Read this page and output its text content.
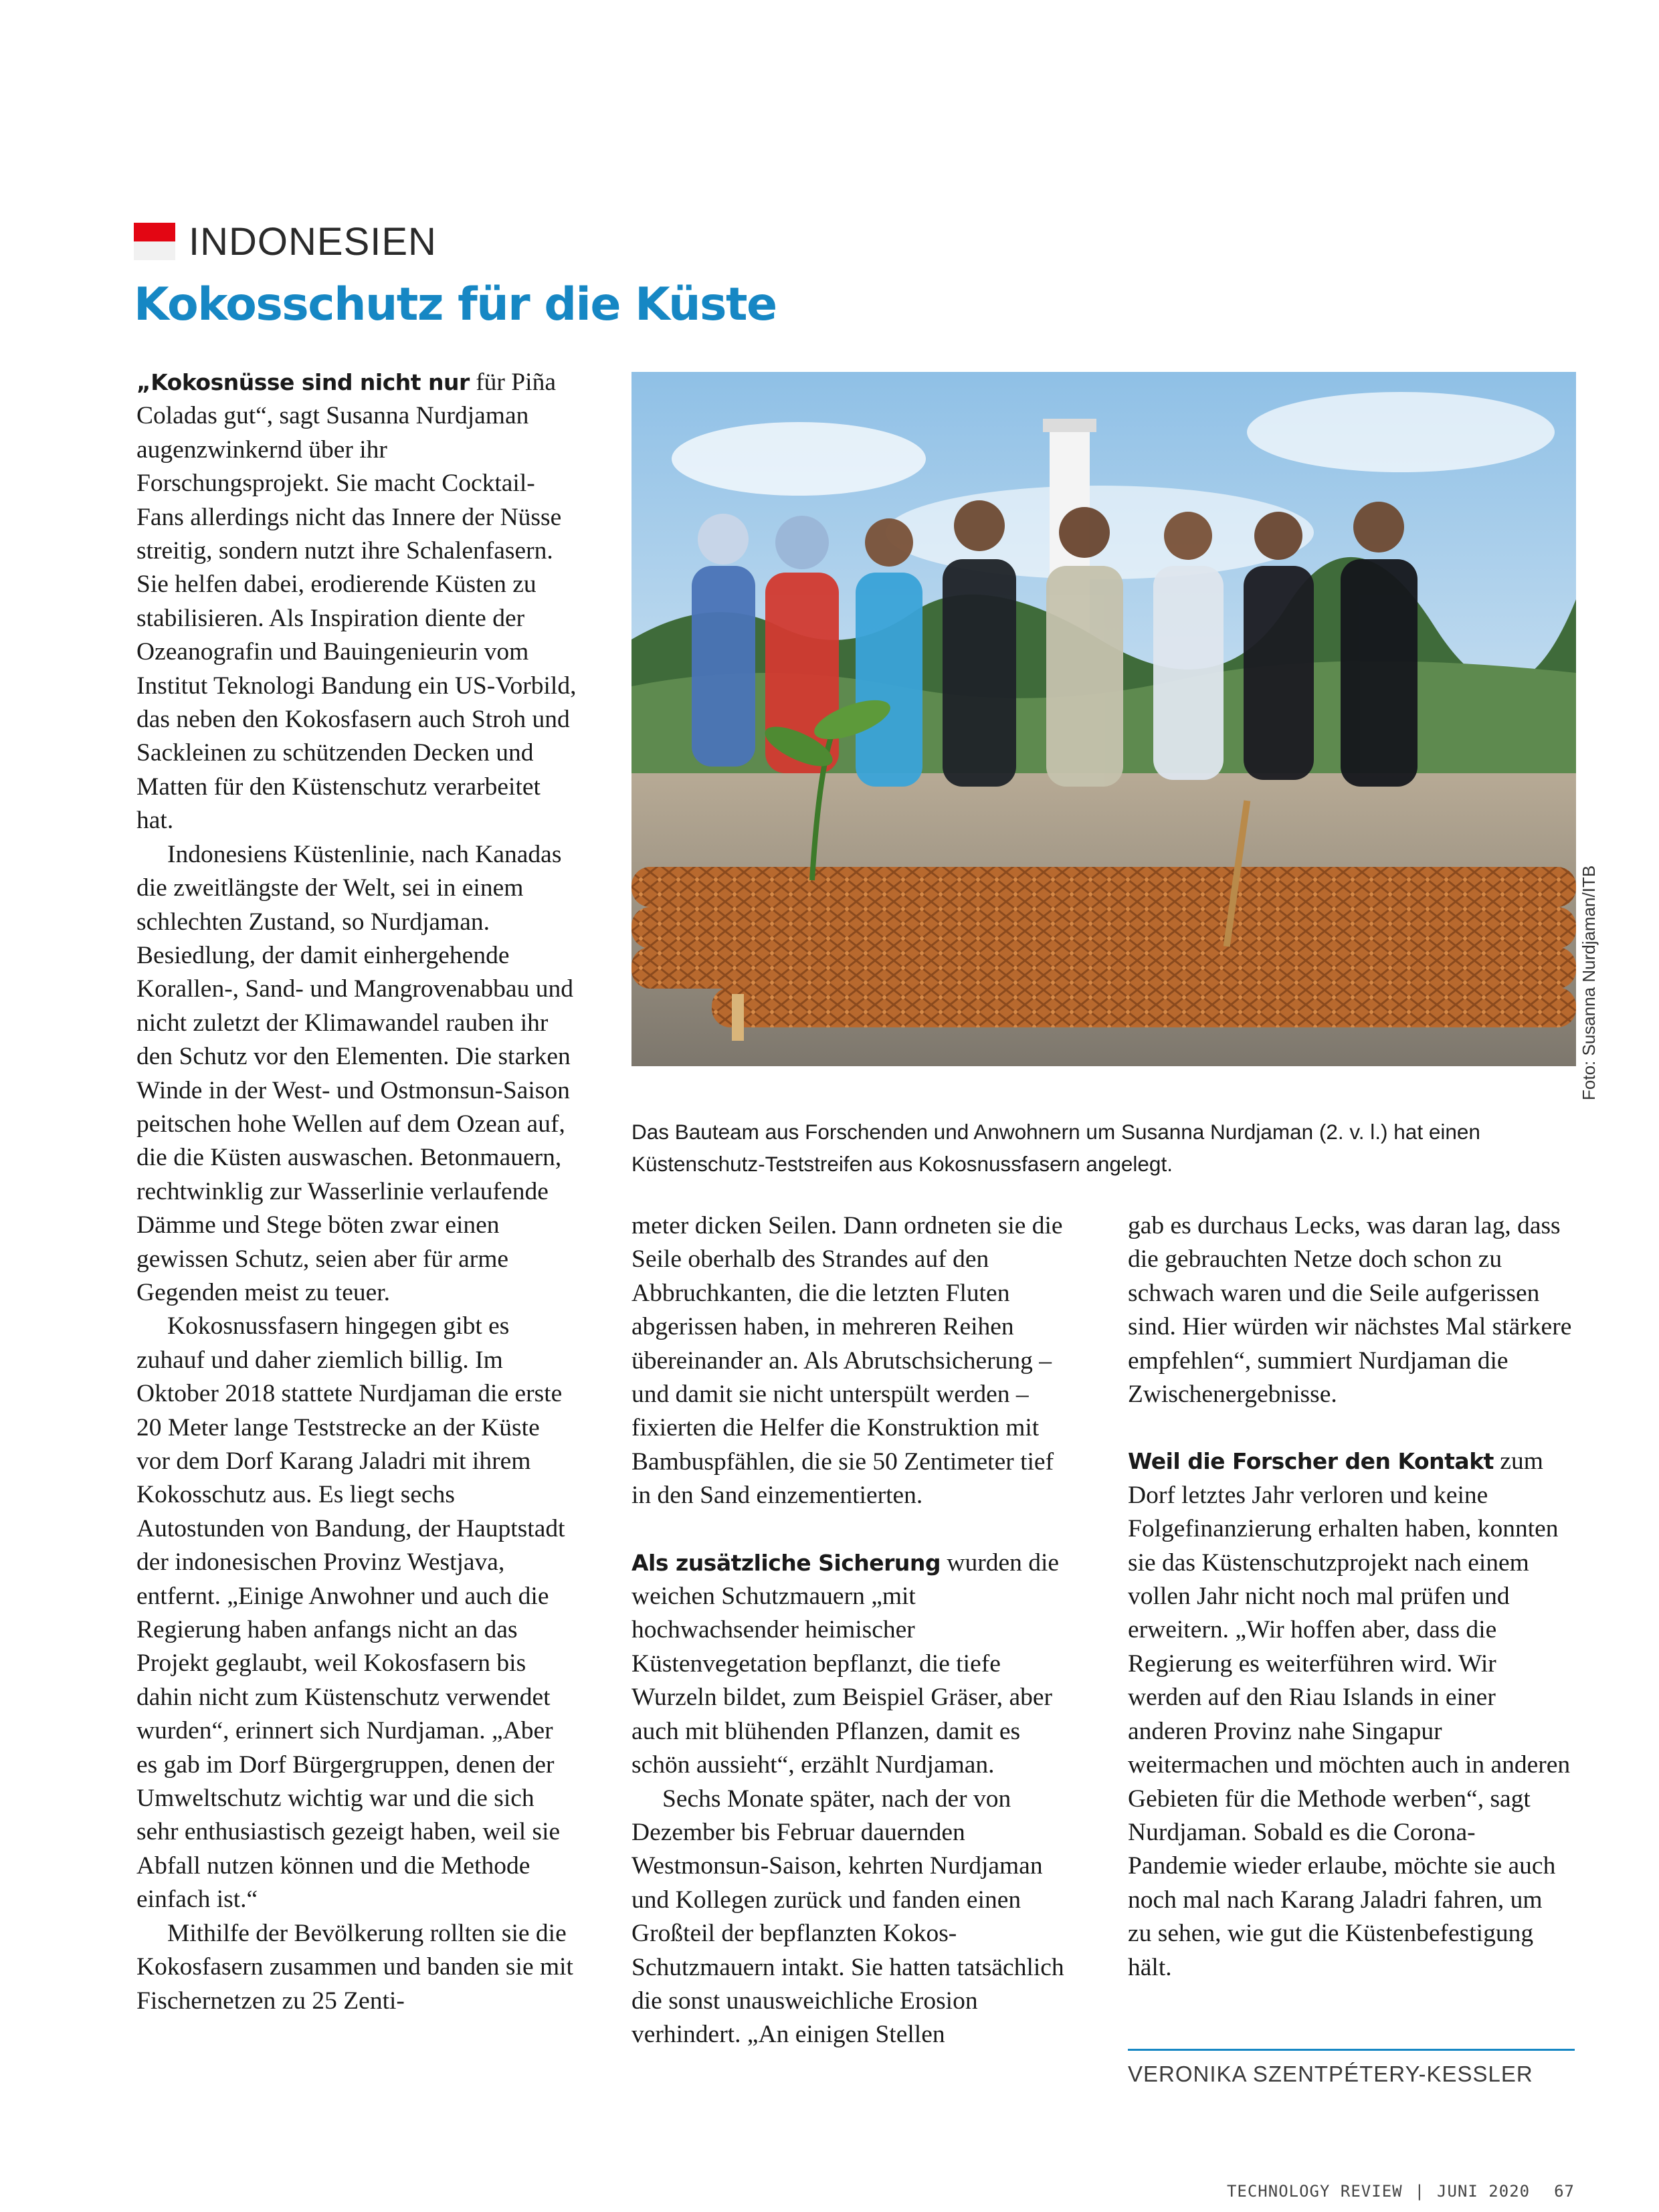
INDONESIEN
Kokosschutz für die Küste

„Kokosnüsse sind nicht nur für Piña Coladas gut“, sagt Susanna Nurdjaman augenzwinkernd über ihr Forschungsprojekt. Sie macht Cocktail-Fans allerdings nicht das Innere der Nüsse streitig, sondern nutzt ihre Schalenfasern. Sie helfen dabei, erodierende Küsten zu stabilisieren. Als Inspiration diente der Ozeanografin und Bauingenieurin vom Institut Teknologi Bandung ein US-Vorbild, das neben den Kokosfasern auch Stroh und Sackleinen zu schützenden Decken und Matten für den Küstenschutz verarbeitet hat.

Indonesiens Küstenlinie, nach Kanadas die zweitlängste der Welt, sei in einem schlechten Zustand, so Nurdjaman. Besiedlung, der damit einhergehende Korallen-, Sand- und Mangrovenabbau und nicht zuletzt der Klimawandel rauben ihr den Schutz vor den Elementen. Die starken Winde in der West- und Ostmonsun-Saison peitschen hohe Wellen auf dem Ozean auf, die die Küsten auswaschen. Betonmauern, rechtwinklig zur Wasserlinie verlaufende Dämme und Stege böten zwar einen gewissen Schutz, seien aber für arme Gegenden meist zu teuer.

Kokosnussfasern hingegen gibt es zuhauf und daher ziemlich billig. Im Oktober 2018 stattete Nurdjaman die erste 20 Meter lange Teststrecke an der Küste vor dem Dorf Karang Jaladri mit ihrem Kokosschutz aus. Es liegt sechs Autostunden von Bandung, der Hauptstadt der indonesischen Provinz Westjava, entfernt. „Einige Anwohner und auch die Regierung haben anfangs nicht an das Projekt geglaubt, weil Kokosfasern bis dahin nicht zum Küstenschutz verwendet wurden“, erinnert sich Nurdjaman. „Aber es gab im Dorf Bürgergruppen, denen der Umweltschutz wichtig war und die sich sehr enthusiastisch gezeigt haben, weil sie Abfall nutzen können und die Methode einfach ist.“

Mithilfe der Bevölkerung rollten sie die Kokosfasern zusammen und banden sie mit Fischernetzen zu 25 Zenti-

Foto: Susanna Nurdjaman/ITB
Das Bauteam aus Forschenden und Anwohnern um Susanna Nurdjaman (2. v. l.) hat einen Küstenschutz-Teststreifen aus Kokosnussfasern angelegt.

meter dicken Seilen. Dann ordneten sie die Seile oberhalb des Strandes auf den Abbruchkanten, die die letzten Fluten abgerissen haben, in mehreren Reihen übereinander an. Als Abrutschsicherung – und damit sie nicht unterspült werden – fixierten die Helfer die Konstruktion mit Bambuspfählen, die sie 50 Zentimeter tief in den Sand einzementierten.

Als zusätzliche Sicherung wurden die weichen Schutzmauern „mit hochwachsender heimischer Küstenvegetation bepflanzt, die tiefe Wurzeln bildet, zum Beispiel Gräser, aber auch mit blühenden Pflanzen, damit es schön aussieht“, erzählt Nurdjaman.

Sechs Monate später, nach der von Dezember bis Februar dauernden Westmonsun-Saison, kehrten Nurdjaman und Kollegen zurück und fanden einen Großteil der bepflanzten Kokos-Schutzmauern intakt. Sie hatten tatsächlich die sonst unausweichliche Erosion verhindert. „An einigen Stellen

gab es durchaus Lecks, was daran lag, dass die gebrauchten Netze doch schon zu schwach waren und die Seile aufgerissen sind. Hier würden wir nächstes Mal stärkere empfehlen“, summiert Nurdjaman die Zwischenergebnisse.

Weil die Forscher den Kontakt zum Dorf letztes Jahr verloren und keine Folgefinanzierung erhalten haben, konnten sie das Küstenschutzprojekt nach einem vollen Jahr nicht noch mal prüfen und erweitern. „Wir hoffen aber, dass die Regierung es weiterführen wird. Wir werden auf den Riau Islands in einer anderen Provinz nahe Singapur weitermachen und möchten auch in anderen Gebieten für die Methode werben“, sagt Nurdjaman. Sobald es die Corona-Pandemie wieder erlaube, möchte sie auch noch mal nach Karang Jaladri fahren, um zu sehen, wie gut die Küstenbefestigung hält.

VERONIKA SZENTPÉTERY-KESSLER
TECHNOLOGY REVIEW | JUNI 2020 67
